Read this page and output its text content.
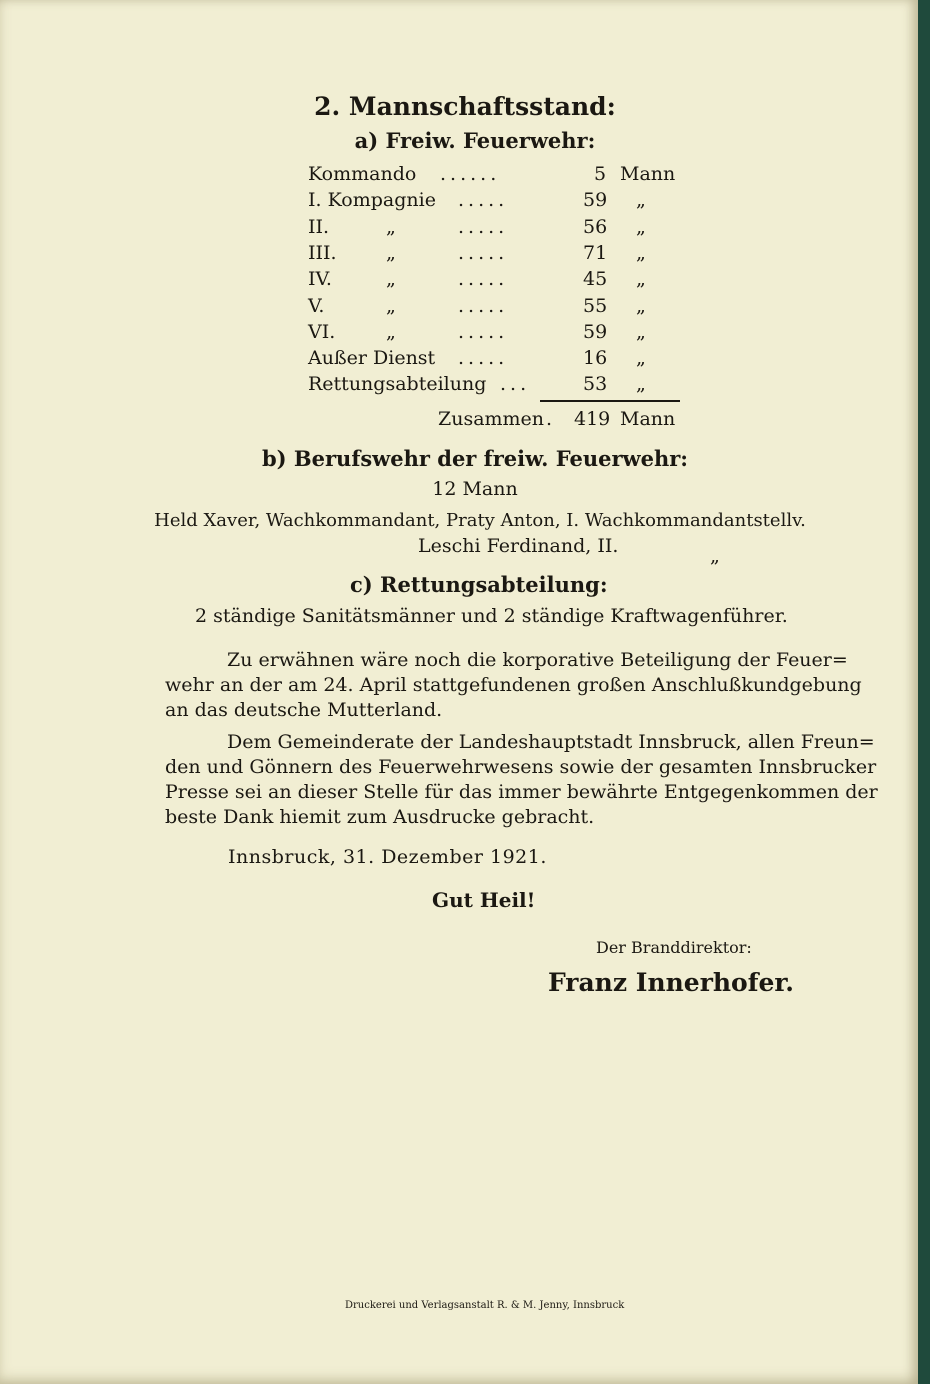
2. Mannschaftsstand:
a) Freiw. Feuerwehr:
Kommando ......	5 Mann
I. Kompagnie .....	59 „
II.	„	.....	56 „
III.	„	.....	71 „
IV.	„	.....	45 „
V.	„	.....	55 „
VI.	„	.....	59 „
Außer Dienst .....	16 „
Rettungsabteilung ...	53 „
Zusammen . 419 Mann
b) Berufswehr der freiw. Feuerwehr:
12 Mann
Held Xaver, Wachkommandant, Praty Anton, I. Wachkommandantstellv.
Leschi Ferdinand, II.	„
c) Rettungsabteilung:
2 ständige Sanitätsmänner und 2 ständige Kraftwagenführer.
Zu erwähnen wäre noch die korporative Beteiligung der Feuer=
wehr an der am 24. April stattgefundenen großen Anschlußkundgebung
an das deutsche Mutterland.
Dem Gemeinderate der Landeshauptstadt Innsbruck, allen Freun=
den und Gönnern des Feuerwehrwesens sowie der gesamten Innsbrucker
Presse sei an dieser Stelle für das immer bewährte Entgegenkommen der
beste Dank hiemit zum Ausdrucke gebracht.
Innsbruck, 31. Dezember 1921.
Gut Heil!
Der Branddirektor:
Franz Innerhofer.
Druckerei und Verlagsanstalt R. & M. Jenny, Innsbruck
